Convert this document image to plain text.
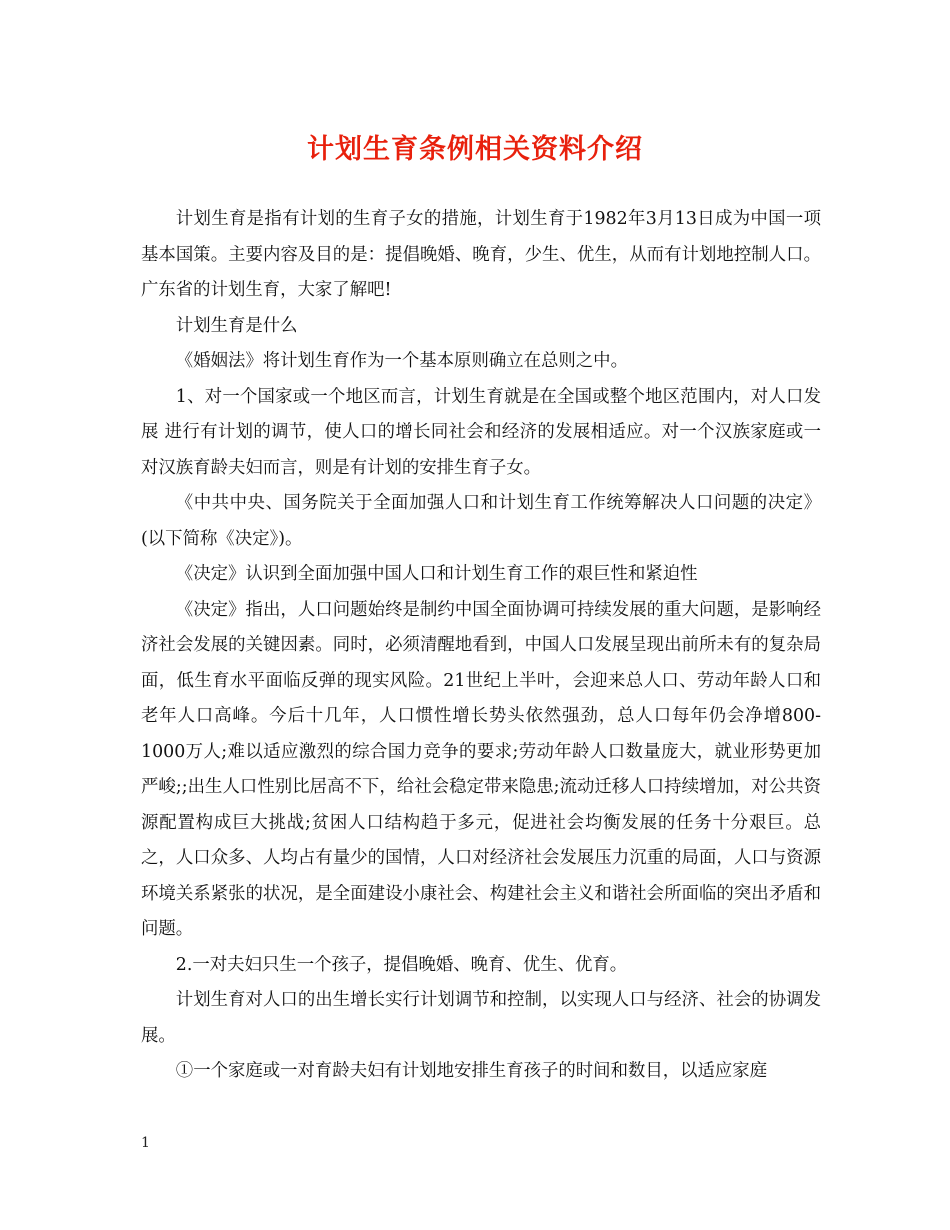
计划生育条例相关资料介绍

计划生育是指有计划的生育子女的措施，计划生育于1982年3月13日成为中国一项基本国策。主要内容及目的是：提倡晚婚、晚育，少生、优生，从而有计划地控制人口。广东省的计划生育，大家了解吧!

计划生育是什么

《婚姻法》将计划生育作为一个基本原则确立在总则之中。

1、对一个国家或一个地区而言，计划生育就是在全国或整个地区范围内，对人口发展 进行有计划的调节，使人口的增长同社会和经济的发展相适应。对一个汉族家庭或一对汉族育龄夫妇而言，则是有计划的安排生育子女。

《中共中央、国务院关于全面加强人口和计划生育工作统筹解决人口问题的决定》(以下简称《决定》)。

《决定》认识到全面加强中国人口和计划生育工作的艰巨性和紧迫性

《决定》指出，人口问题始终是制约中国全面协调可持续发展的重大问题，是影响经济社会发展的关键因素。同时，必须清醒地看到，中国人口发展呈现出前所未有的复杂局面，低生育水平面临反弹的现实风险。21世纪上半叶，会迎来总人口、劳动年龄人口和老年人口高峰。今后十几年，人口惯性增长势头依然强劲，总人口每年仍会净增800-1000万人;难以适应激烈的综合国力竞争的要求;劳动年龄人口数量庞大，就业形势更加严峻;;出生人口性别比居高不下，给社会稳定带来隐患;流动迁移人口持续增加，对公共资源配置构成巨大挑战;贫困人口结构趋于多元，促进社会均衡发展的任务十分艰巨。总之，人口众多、人均占有量少的国情，人口对经济社会发展压力沉重的局面，人口与资源环境关系紧张的状况，是全面建设小康社会、构建社会主义和谐社会所面临的突出矛盾和问题。

2.一对夫妇只生一个孩子，提倡晚婚、晚育、优生、优育。

计划生育对人口的出生增长实行计划调节和控制，以实现人口与经济、社会的协调发展。

①一个家庭或一对育龄夫妇有计划地安排生育孩子的时间和数目，以适应家庭

1
